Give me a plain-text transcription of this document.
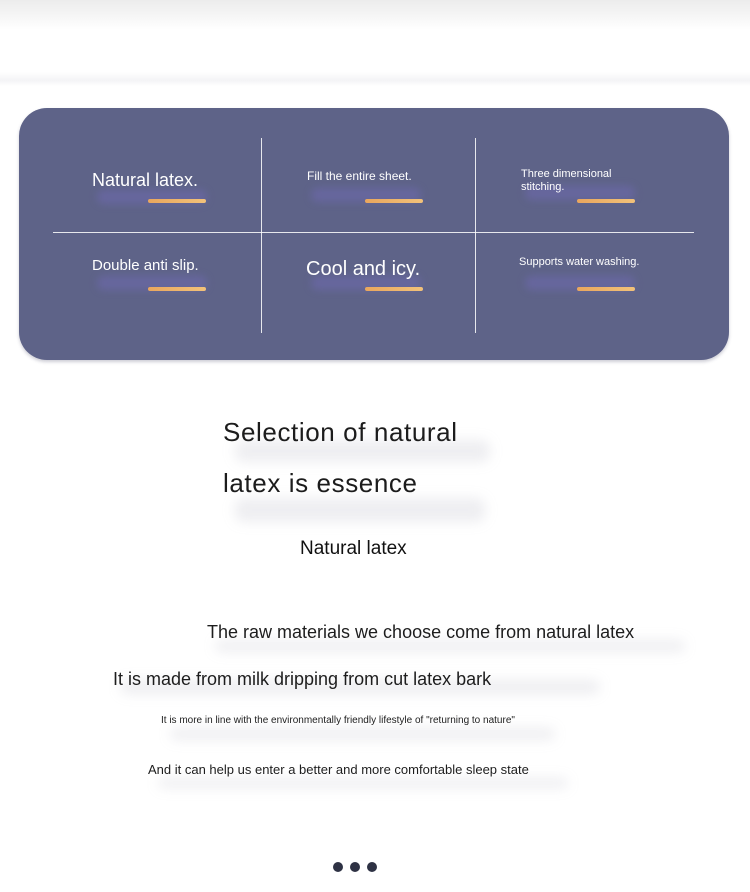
Natural latex.	Fill the entire sheet.	Three dimensional stitching.
Double anti slip.	Cool and icy.	Supports water washing.
Selection of natural
latex is essence
Natural latex
The raw materials we choose come from natural latex
It is made from milk dripping from cut latex bark
It is more in line with the environmentally friendly lifestyle of "returning to nature"
And it can help us enter a better and more comfortable sleep state
